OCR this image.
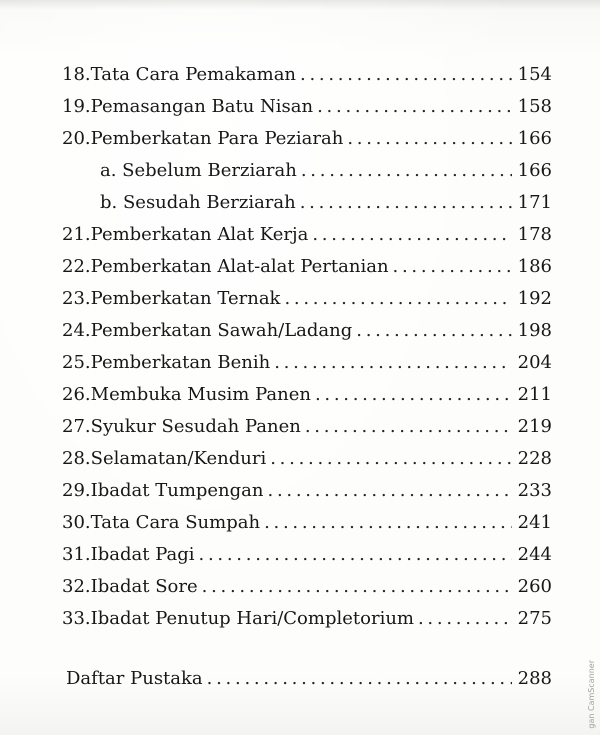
18. Tata Cara Pemakaman . . .	154
19. Pemasangan Batu Nisan . . .	158
20. Pemberkatan Para Peziarah . . .	166
a. Sebelum Berziarah . . .	166
b. Sesudah Berziarah . . .	171
21. Pemberkatan Alat Kerja . . .	178
22. Pemberkatan Alat-alat Pertanian . . .	186
23. Pemberkatan Ternak . . .	192
24. Pemberkatan Sawah/Ladang . . .	198
25. Pemberkatan Benih . . .	204
26. Membuka Musim Panen . . .	211
27. Syukur Sesudah Panen . . .	219
28. Selamatan/Kenduri . . .	228
29. Ibadat Tumpengan . . .	233
30. Tata Cara Sumpah . . .	241
31. Ibadat Pagi . . .	244
32. Ibadat Sore . . .	260
33. Ibadat Penutup Hari/Completorium . . .	275
Daftar Pustaka . . .	288	gan CamScanner
